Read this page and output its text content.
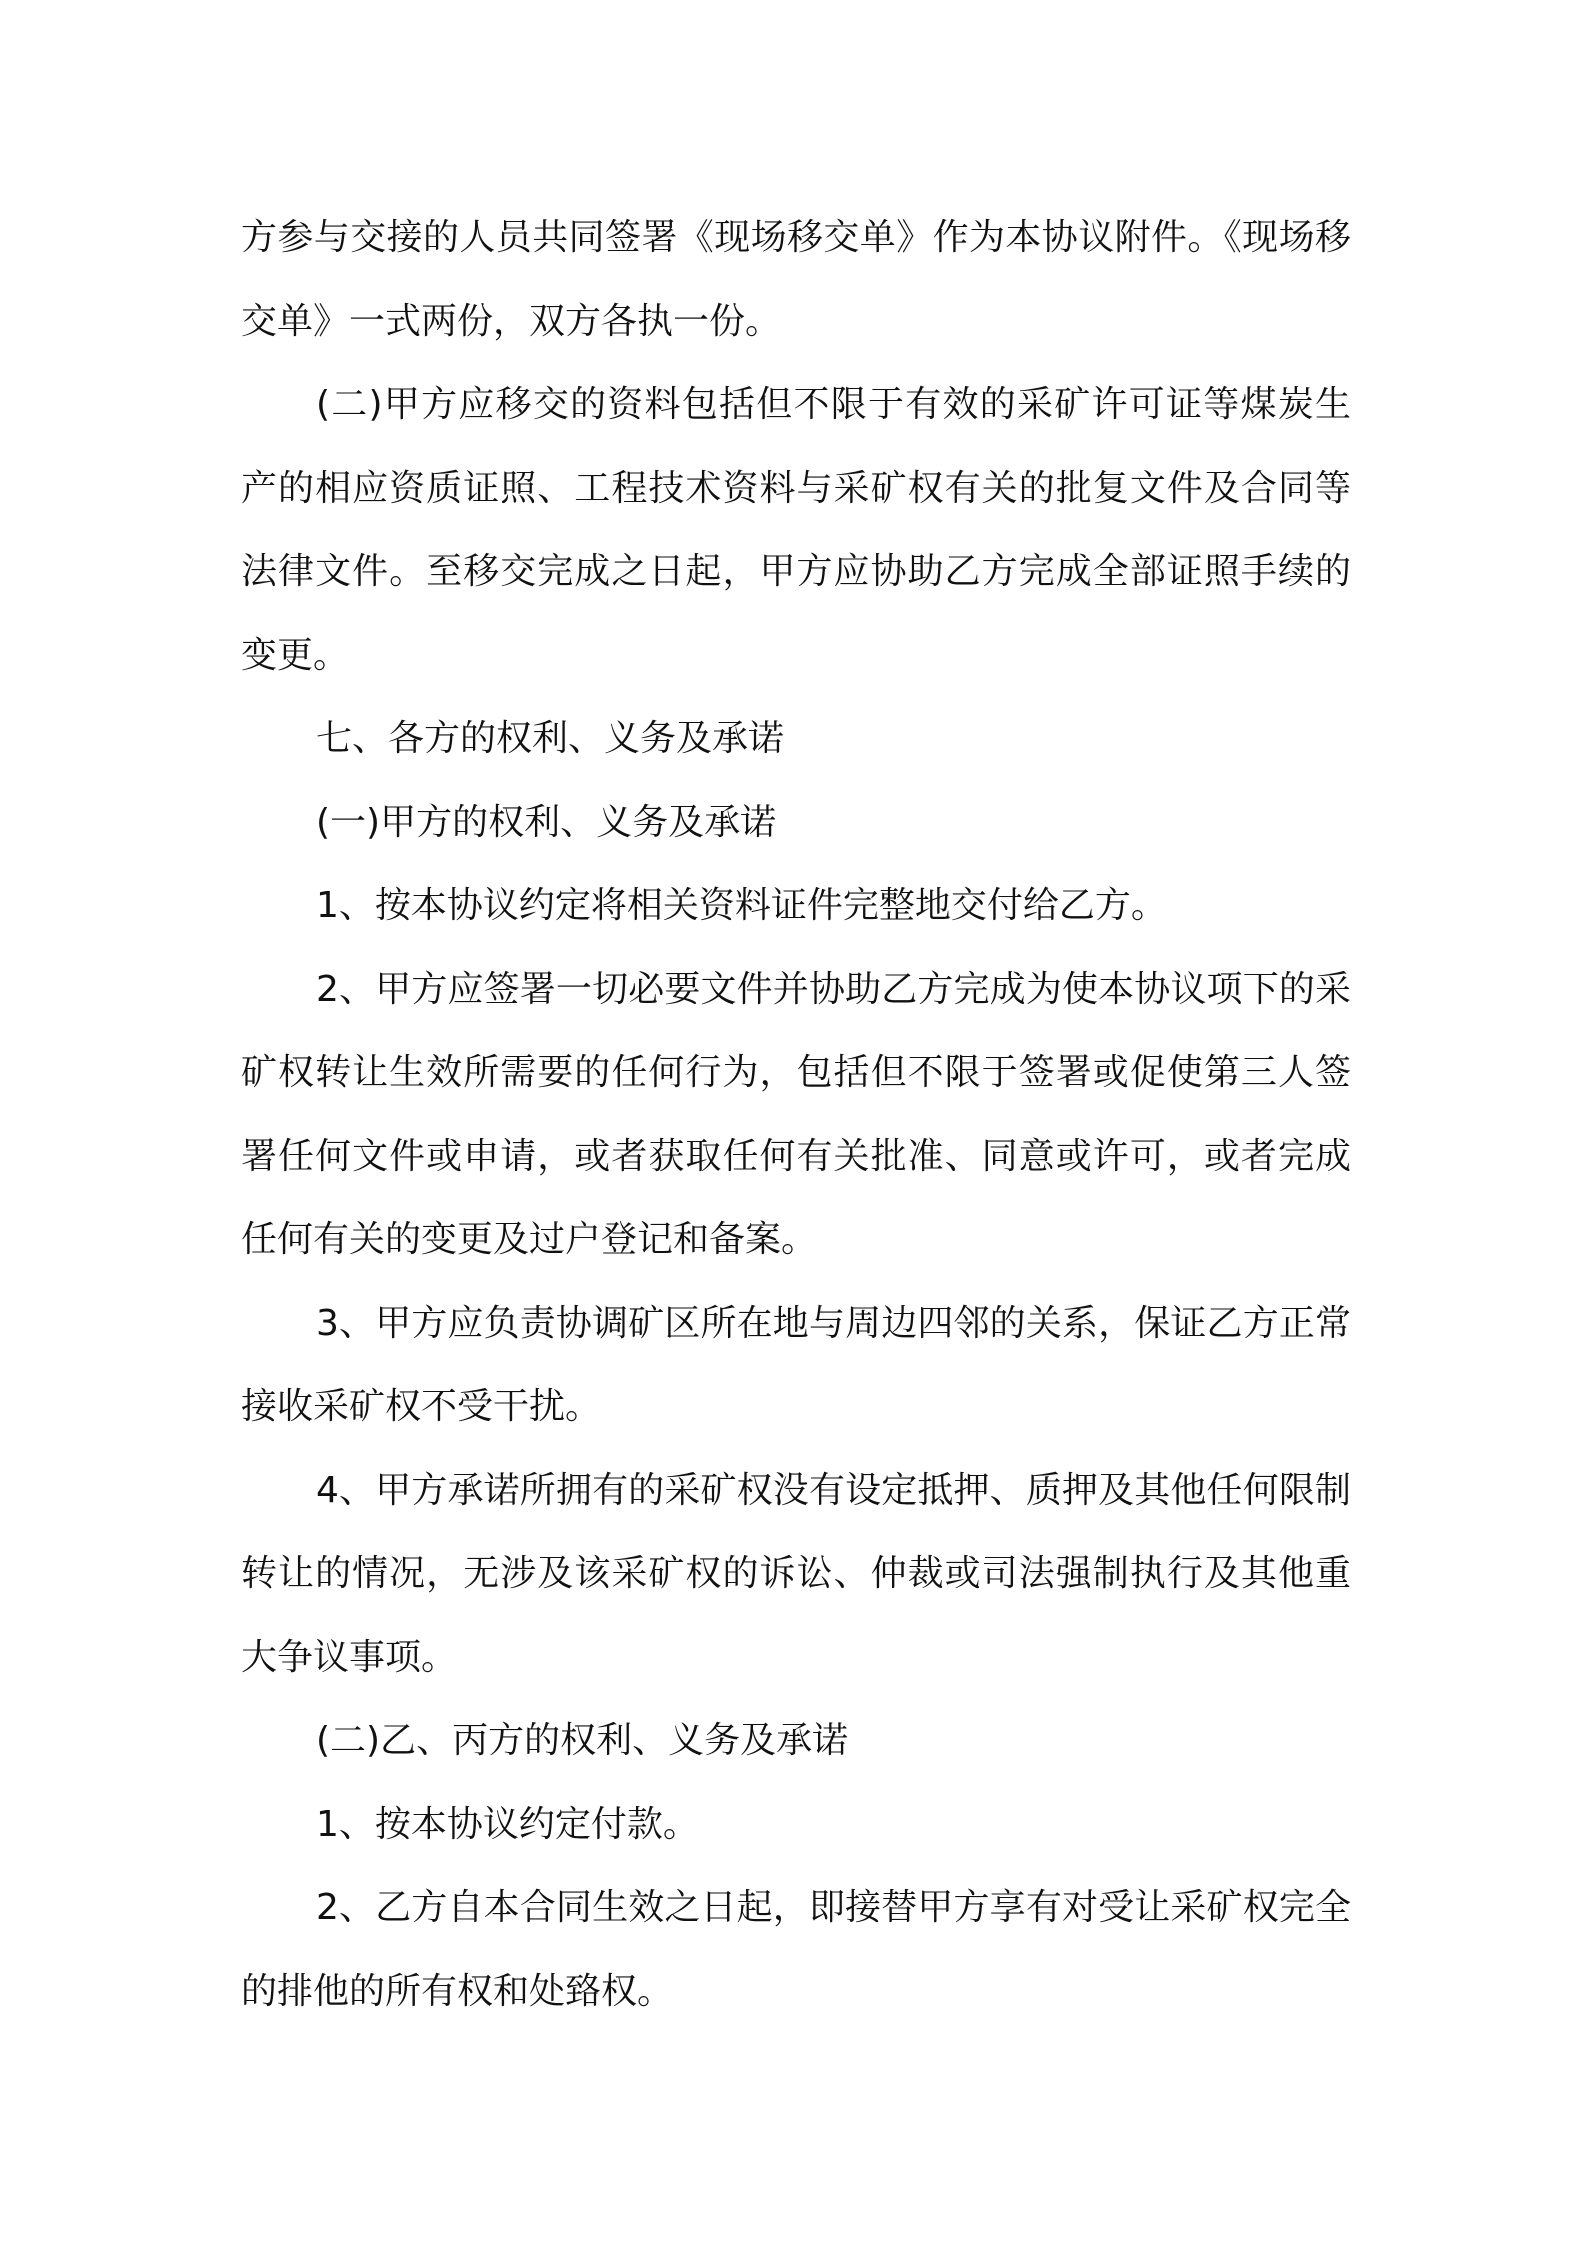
方参与交接的人员共同签署《现场移交单》作为本协议附件。《现场移交单》一式两份，双方各执一份。

(二)甲方应移交的资料包括但不限于有效的采矿许可证等煤炭生产的相应资质证照、工程技术资料与采矿权有关的批复文件及合同等法律文件。至移交完成之日起，甲方应协助乙方完成全部证照手续的变更。

七、各方的权利、义务及承诺

(一)甲方的权利、义务及承诺

1、按本协议约定将相关资料证件完整地交付给乙方。

2、甲方应签署一切必要文件并协助乙方完成为使本协议项下的采矿权转让生效所需要的任何行为，包括但不限于签署或促使第三人签署任何文件或申请，或者获取任何有关批准、同意或许可，或者完成任何有关的变更及过户登记和备案。

3、甲方应负责协调矿区所在地与周边四邻的关系，保证乙方正常接收采矿权不受干扰。

4、甲方承诺所拥有的采矿权没有设定抵押、质押及其他任何限制转让的情况，无涉及该采矿权的诉讼、仲裁或司法强制执行及其他重大争议事项。

(二)乙、丙方的权利、义务及承诺

1、按本协议约定付款。

2、乙方自本合同生效之日起，即接替甲方享有对受让采矿权完全的排他的所有权和处臵权。
